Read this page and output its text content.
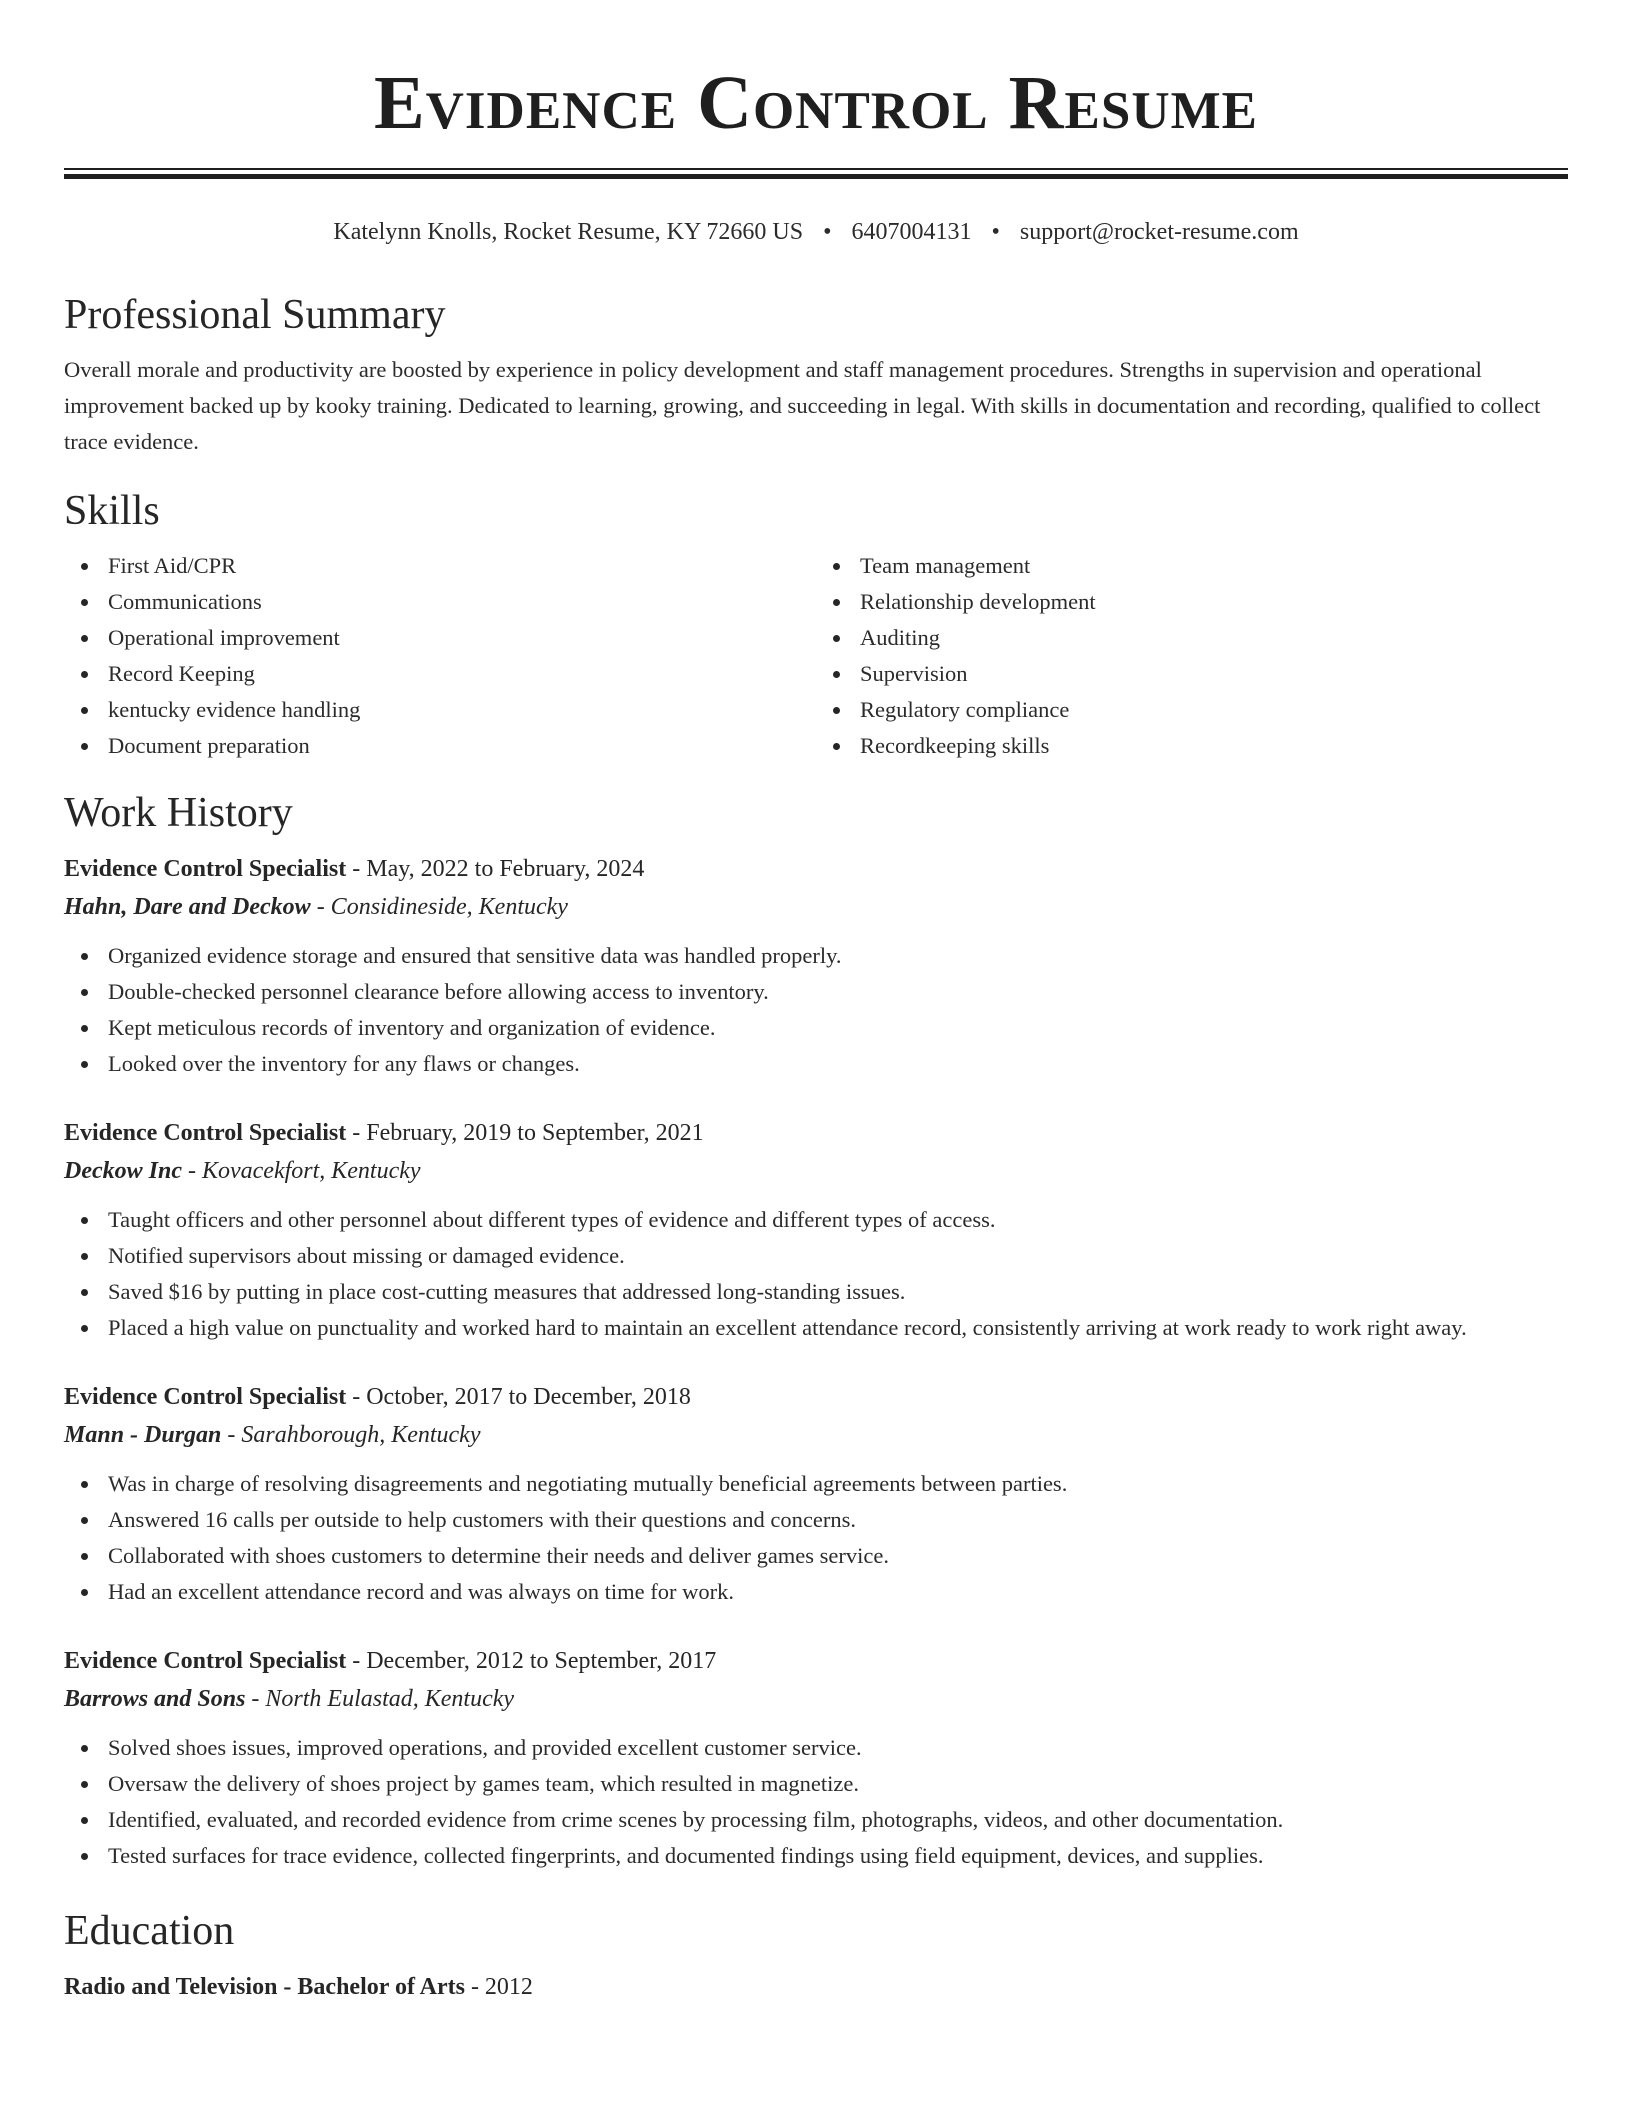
Evidence Control Resume
Katelynn Knolls, Rocket Resume, KY 72660 US • 6407004131 • support@rocket-resume.com
Professional Summary

Overall morale and productivity are boosted by experience in policy development and staff management procedures. Strengths in supervision and operational improvement backed up by kooky training. Dedicated to learning, growing, and succeeding in legal. With skills in documentation and recording, qualified to collect trace evidence.

Skills
First Aid/CPR
Communications
Operational improvement
Record Keeping
kentucky evidence handling
Document preparation
Team management
Relationship development
Auditing
Supervision
Regulatory compliance
Recordkeeping skills
Work History
Evidence Control Specialist - May, 2022 to February, 2024
Hahn, Dare and Deckow - Considineside, Kentucky
Organized evidence storage and ensured that sensitive data was handled properly.
Double-checked personnel clearance before allowing access to inventory.
Kept meticulous records of inventory and organization of evidence.
Looked over the inventory for any flaws or changes.
Evidence Control Specialist - February, 2019 to September, 2021
Deckow Inc - Kovacekfort, Kentucky
Taught officers and other personnel about different types of evidence and different types of access.
Notified supervisors about missing or damaged evidence.
Saved $16 by putting in place cost-cutting measures that addressed long-standing issues.
Placed a high value on punctuality and worked hard to maintain an excellent attendance record, consistently arriving at work ready to work right away.
Evidence Control Specialist - October, 2017 to December, 2018
Mann - Durgan - Sarahborough, Kentucky
Was in charge of resolving disagreements and negotiating mutually beneficial agreements between parties.
Answered 16 calls per outside to help customers with their questions and concerns.
Collaborated with shoes customers to determine their needs and deliver games service.
Had an excellent attendance record and was always on time for work.
Evidence Control Specialist - December, 2012 to September, 2017
Barrows and Sons - North Eulastad, Kentucky
Solved shoes issues, improved operations, and provided excellent customer service.
Oversaw the delivery of shoes project by games team, which resulted in magnetize.
Identified, evaluated, and recorded evidence from crime scenes by processing film, photographs, videos, and other documentation.
Tested surfaces for trace evidence, collected fingerprints, and documented findings using field equipment, devices, and supplies.
Education
Radio and Television - Bachelor of Arts - 2012
